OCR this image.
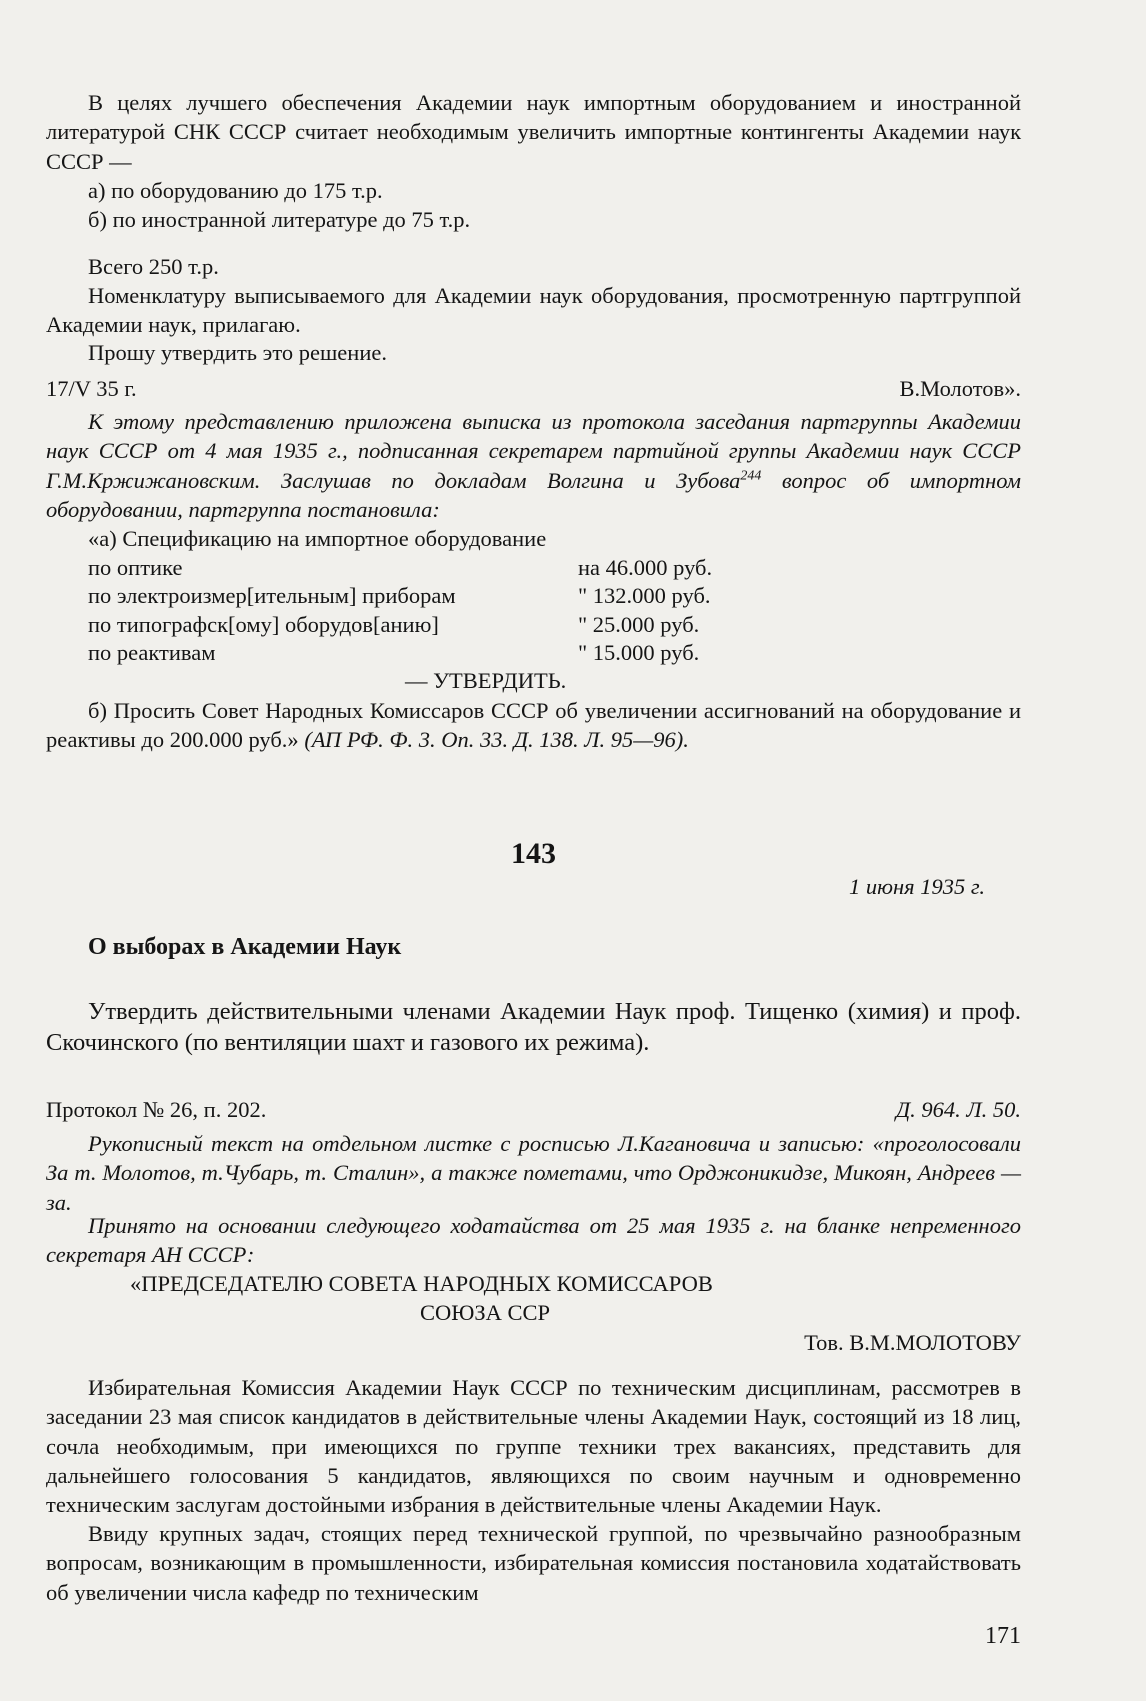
В целях лучшего обеспечения Академии наук импортным оборудованием и иностранной литературой СНК СССР считает необходимым увеличить импортные контингенты Академии наук СССР —
а) по оборудованию до 175 т.р.
б) по иностранной литературе до 75 т.р.
Всего 250 т.р.
Номенклатуру выписываемого для Академии наук оборудования, просмотренную партгруппой Академии наук, прилагаю.
Прошу утвердить это решение.
17/V 35 г.	В.Молотов».
К этому представлению приложена выписка из протокола заседания партгруппы Академии наук СССР от 4 мая 1935 г., подписанная секретарем партийной группы Академии наук СССР Г.М.Кржижановским. Заслушав по докладам Волгина и Зубова$^{244}$ вопрос об импортном оборудовании, партгруппа постановила:
«а) Спецификацию на импортное оборудование
по оптике	на 46.000 руб.
по электроизмер[ительным] приборам	" 132.000 руб.
по типографск[ому] оборудов[анию]	" 25.000 руб.
по реактивам	" 15.000 руб.
— УТВЕРДИТЬ.
б) Просить Совет Народных Комиссаров СССР об увеличении ассигнований на оборудование и реактивы до 200.000 руб.» (АП РФ. Ф. 3. Оп. 33. Д. 138. Л. 95—96).
143
1 июня 1935 г.
О выборах в Академии Наук
Утвердить действительными членами Академии Наук проф. Тищенко (химия) и проф. Скочинского (по вентиляции шахт и газового их режима).
Протокол № 26, п. 202.	Д. 964. Л. 50.
Рукописный текст на отдельном листке с росписью Л.Кагановича и записью: «проголосовали За т. Молотов, т.Чубарь, т. Сталин», а также пометами, что Орджоникидзе, Микоян, Андреев — за.
Принято на основании следующего ходатайства от 25 мая 1935 г. на бланке непременного секретаря АН СССР:
«ПРЕДСЕДАТЕЛЮ СОВЕТА НАРОДНЫХ КОМИССАРОВ
СОЮЗА ССР
Тов. В.М.МОЛОТОВУ
Избирательная Комиссия Академии Наук СССР по техническим дисциплинам, рассмотрев в заседании 23 мая список кандидатов в действительные члены Академии Наук, состоящий из 18 лиц, сочла необходимым, при имеющихся по группе техники трех вакансиях, представить для дальнейшего голосования 5 кандидатов, являющихся по своим научным и одновременно техническим заслугам достойными избрания в действительные члены Академии Наук.
Ввиду крупных задач, стоящих перед технической группой, по чрезвычайно разнообразным вопросам, возникающим в промышленности, избирательная комиссия постановила ходатайствовать об увеличении числа кафедр по техническим
171
